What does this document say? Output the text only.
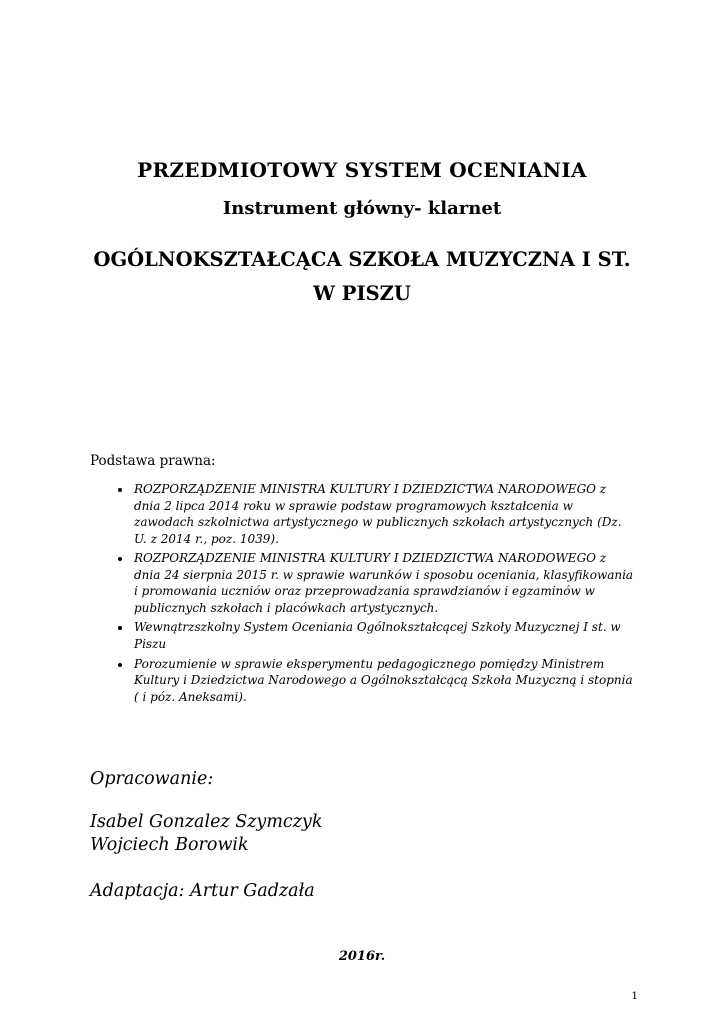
PRZEDMIOTOWY SYSTEM OCENIANIA
Instrument główny- klarnet
OGÓLNOKSZTAŁCĄCA SZKOŁA MUZYCZNA I ST. W PISZU

Podstawa prawna:

• ROZPORZĄDZENIE MINISTRA KULTURY I DZIEDZICTWA NARODOWEGO z dnia 2 lipca 2014 roku w sprawie podstaw programowych kształcenia w zawodach szkolnictwa artystycznego w publicznych szkołach artystycznych (Dz. U. z 2014 r., poz. 1039).
• ROZPORZĄDZENIE MINISTRA KULTURY I DZIEDZICTWA NARODOWEGO z dnia 24 sierpnia 2015 r. w sprawie warunków i sposobu oceniania, klasyfikowania i promowania uczniów oraz przeprowadzania sprawdzianów i egzaminów w publicznych szkołach i placówkach artystycznych.
• Wewnątrzszkolny System Oceniania Ogólnokształcącej Szkoły Muzycznej I st. w Piszu
• Porozumienie w sprawie eksperymentu pedagogicznego pomiędzy Ministrem Kultury i Dziedzictwa Narodowego a Ogólnokształcącą Szkoła Muzyczną i stopnia ( i póz. Aneksami).

Opracowanie:

Isabel Gonzalez Szymczyk
Wojciech Borowik

Adaptacja: Artur Gadzała

2016r.

1
